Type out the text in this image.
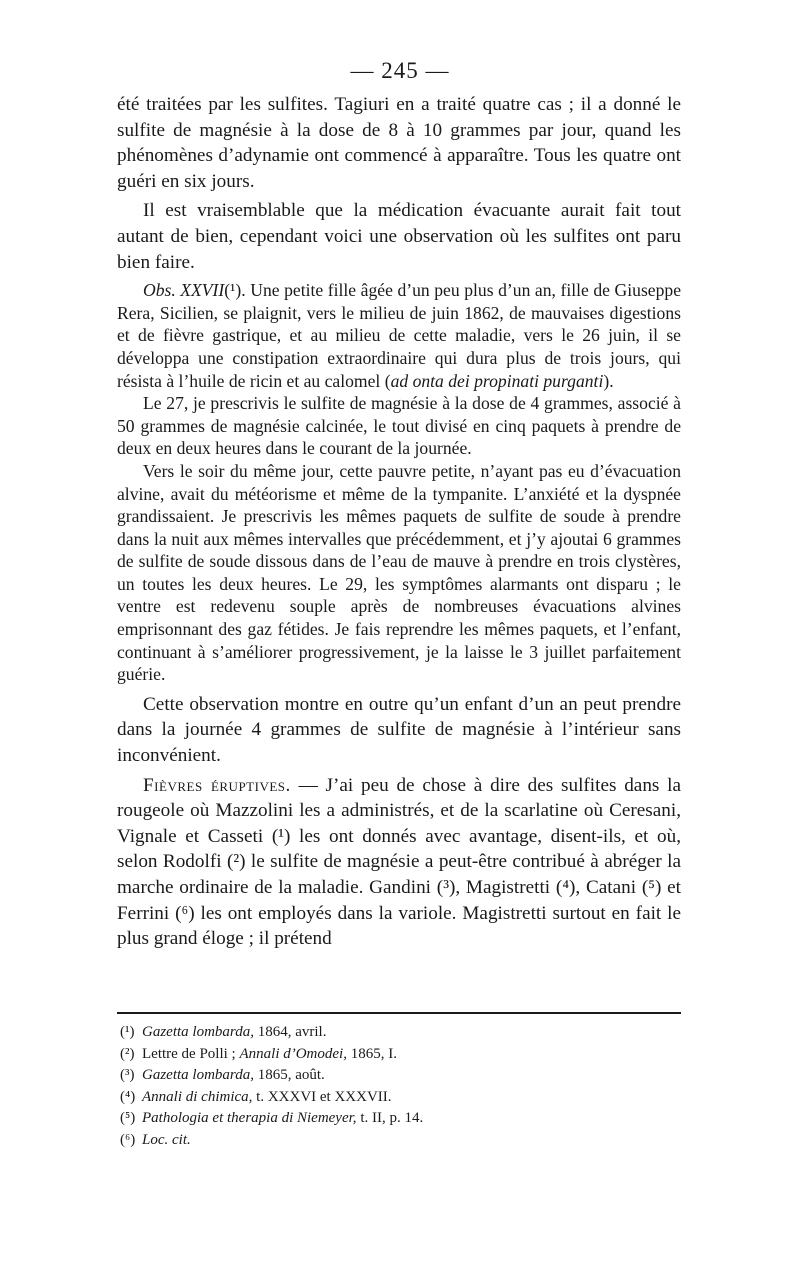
— 245 —

été traitées par les sulfites. Tagiuri en a traité quatre cas ; il a donné le sulfite de magnésie à la dose de 8 à 10 grammes par jour, quand les phénomènes d’adynamie ont commencé à apparaître. Tous les quatre ont guéri en six jours.

Il est vraisemblable que la médication évacuante aurait fait tout autant de bien, cependant voici une observation où les sulfites ont paru bien faire.

Obs. XXVII(¹). Une petite fille âgée d’un peu plus d’un an, fille de Giuseppe Rera, Sicilien, se plaignit, vers le milieu de juin 1862, de mauvaises digestions et de fièvre gastrique, et au milieu de cette maladie, vers le 26 juin, il se développa une constipation extraordinaire qui dura plus de trois jours, qui résista à l’huile de ricin et au calomel (ad onta dei propinati purganti).

Le 27, je prescrivis le sulfite de magnésie à la dose de 4 grammes, associé à 50 grammes de magnésie calcinée, le tout divisé en cinq paquets à prendre de deux en deux heures dans le courant de la journée.

Vers le soir du même jour, cette pauvre petite, n’ayant pas eu d’évacuation alvine, avait du météorisme et même de la tympanite. L’anxiété et la dyspnée grandissaient. Je prescrivis les mêmes paquets de sulfite de soude à prendre dans la nuit aux mêmes intervalles que précédemment, et j’y ajoutai 6 grammes de sulfite de soude dissous dans de l’eau de mauve à prendre en trois clystères, un toutes les deux heures. Le 29, les symptômes alarmants ont disparu ; le ventre est redevenu souple après de nombreuses évacuations alvines emprisonnant des gaz fétides. Je fais reprendre les mêmes paquets, et l’enfant, continuant à s’améliorer progressivement, je la laisse le 3 juillet parfaitement guérie.

Cette observation montre en outre qu’un enfant d’un an peut prendre dans la journée 4 grammes de sulfite de magnésie à l’intérieur sans inconvénient.

Fièvres éruptives. — J’ai peu de chose à dire des sulfites dans la rougeole où Mazzolini les a administrés, et de la scarlatine où Ceresani, Vignale et Casseti (¹) les ont donnés avec avantage, disent-ils, et où, selon Rodolfi (²) le sulfite de magnésie a peut-être contribué à abréger la marche ordinaire de la maladie. Gandini (³), Magistretti (⁴), Catani (⁵) et Ferrini (⁶) les ont employés dans la variole. Magistretti surtout en fait le plus grand éloge ; il prétend

(¹) Gazetta lombarda, 1864, avril.
(²) Lettre de Polli ; Annali d’Omodei, 1865, I.
(³) Gazetta lombarda, 1865, août.
(⁴) Annali di chimica, t. XXXVI et XXXVII.
(⁵) Pathologia et therapia di Niemeyer, t. II, p. 14.
(⁶) Loc. cit.
